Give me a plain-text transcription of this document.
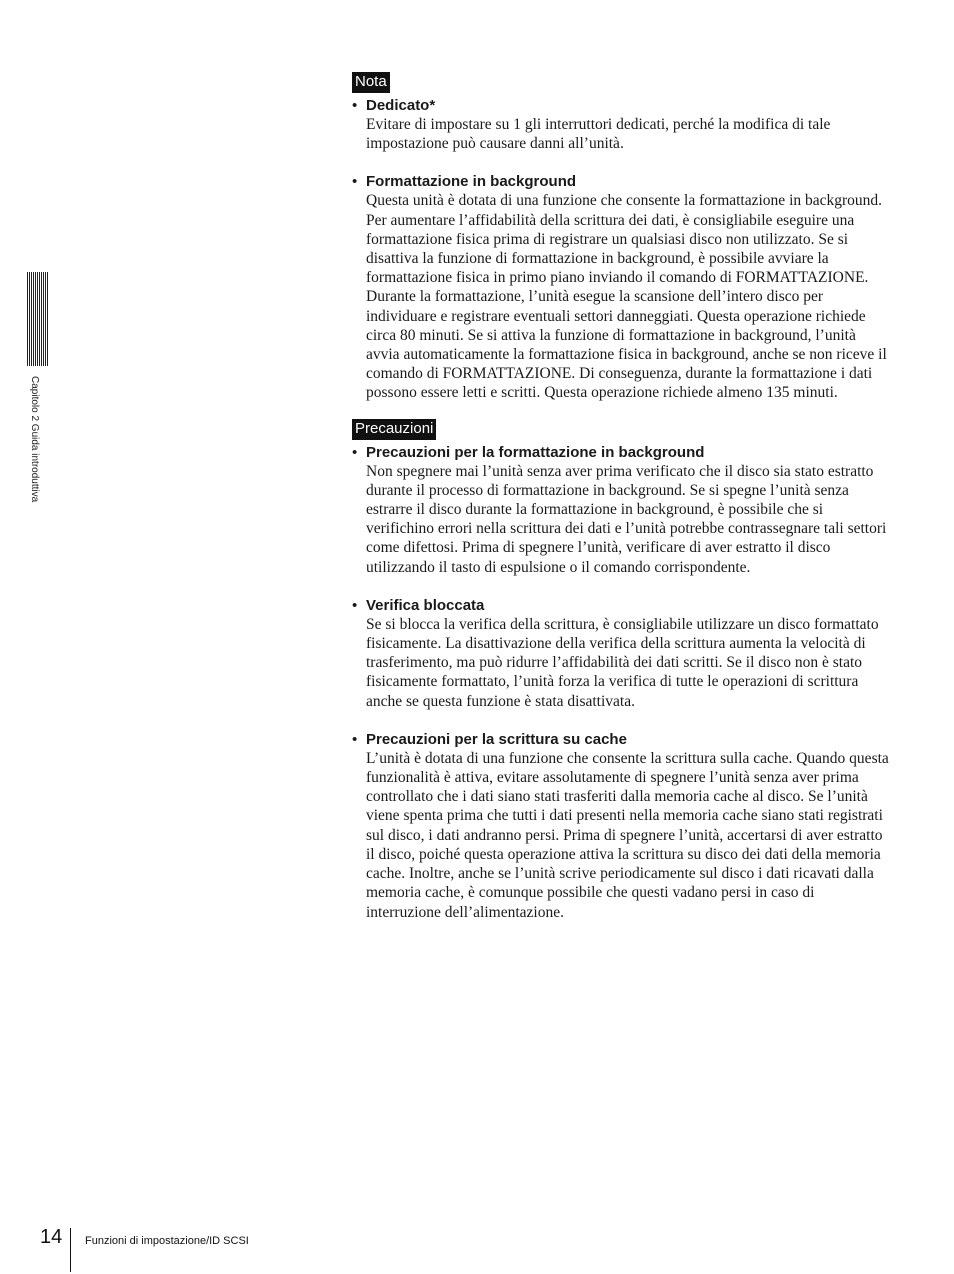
Capitolo 2 Guida introduttiva
Nota
• Dedicato*

Evitare di impostare su 1 gli interruttori dedicati, perché la modifica di tale impostazione può causare danni all’unità.

• Formattazione in background

Questa unità è dotata di una funzione che consente la formattazione in background. Per aumentare l’affidabilità della scrittura dei dati, è consigliabile eseguire una formattazione fisica prima di registrare un qualsiasi disco non utilizzato. Se si disattiva la funzione di formattazione in background, è possibile avviare la formattazione fisica in primo piano inviando il comando di FORMATTAZIONE. Durante la formattazione, l’unità esegue la scansione dell’intero disco per individuare e registrare eventuali settori danneggiati. Questa operazione richiede circa 80 minuti. Se si attiva la funzione di formattazione in background, l’unità avvia automaticamente la formattazione fisica in background, anche se non riceve il comando di FORMATTAZIONE. Di conseguenza, durante la formattazione i dati possono essere letti e scritti. Questa operazione richiede almeno 135 minuti.

Precauzioni
• Precauzioni per la formattazione in background

Non spegnere mai l’unità senza aver prima verificato che il disco sia stato estratto durante il processo di formattazione in background. Se si spegne l’unità senza estrarre il disco durante la formattazione in background, è possibile che si verifichino errori nella scrittura dei dati e l’unità potrebbe contrassegnare tali settori come difettosi. Prima di spegnere l’unità, verificare di aver estratto il disco utilizzando il tasto di espulsione o il comando corrispondente.

• Verifica bloccata

Se si blocca la verifica della scrittura, è consigliabile utilizzare un disco formattato fisicamente. La disattivazione della verifica della scrittura aumenta la velocità di trasferimento, ma può ridurre l’affidabilità dei dati scritti. Se il disco non è stato fisicamente formattato, l’unità forza la verifica di tutte le operazioni di scrittura anche se questa funzione è stata disattivata.

• Precauzioni per la scrittura su cache

L’unità è dotata di una funzione che consente la scrittura sulla cache. Quando questa funzionalità è attiva, evitare assolutamente di spegnere l’unità senza aver prima controllato che i dati siano stati trasferiti dalla memoria cache al disco. Se l’unità viene spenta prima che tutti i dati presenti nella memoria cache siano stati registrati sul disco, i dati andranno persi. Prima di spegnere l’unità, accertarsi di aver estratto il disco, poiché questa operazione attiva la scrittura su disco dei dati della memoria cache. Inoltre, anche se l’unità scrive periodicamente sul disco i dati ricavati dalla memoria cache, è comunque possibile che questi vadano persi in caso di interruzione dell’alimentazione.

14 Funzioni di impostazione/ID SCSI
